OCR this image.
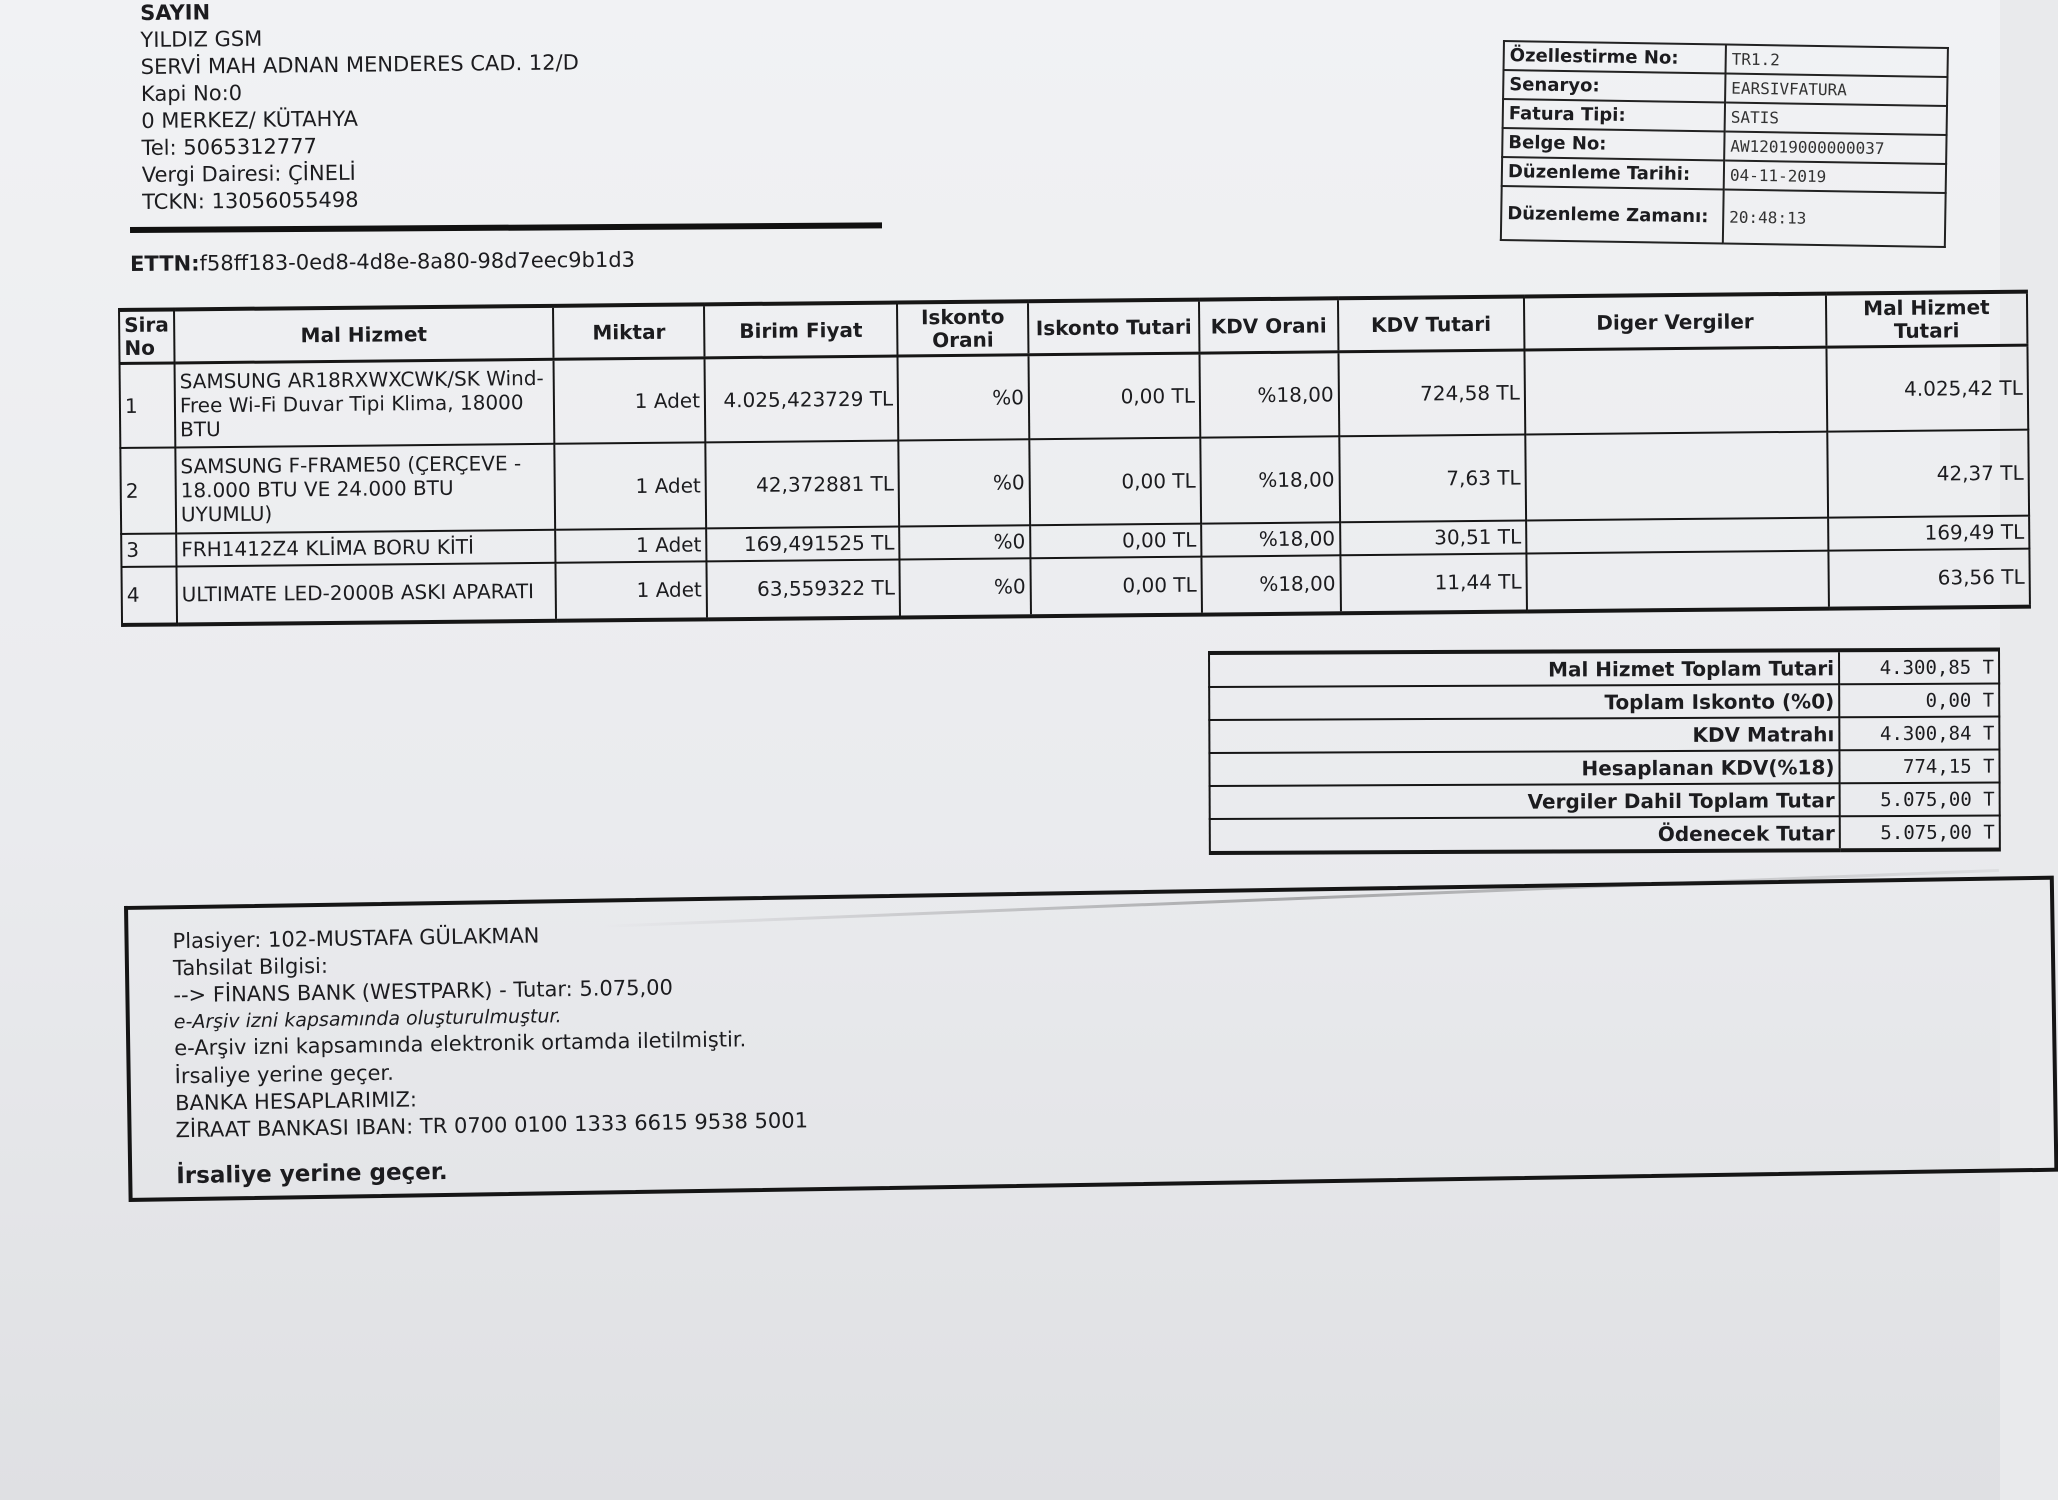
SAYIN
YILDIZ GSM
SERVİ MAH ADNAN MENDERES CAD. 12/D
Kapi No:0
0 MERKEZ/ KÜTAHYA
Tel: 5065312777
Vergi Dairesi: ÇİNELİ
TCKN: 13056055498
ETTN:f58ff183-0ed8-4d8e-8a80-98d7eec9b1d3
Özellestirme No:	TR1.2
Senaryo:	EARSIVFATURA
Fatura Tipi:	SATIS
Belge No:	AW12019000000037
Düzenleme Tarihi:	04-11-2019
Düzenleme Zamanı:	20:48:13
Sira No	Mal Hizmet	Miktar	Birim Fiyat	Iskonto Orani	Iskonto Tutari	KDV Orani	KDV Tutari	Diger Vergiler	Mal Hizmet Tutari
1	SAMSUNG AR18RXWXCWK/SK Wind-Free Wi-Fi Duvar Tipi Klima, 18000 BTU	1 Adet	4.025,423729 TL	%0	0,00 TL	%18,00	724,58 TL		4.025,42 TL
2	SAMSUNG F-FRAME50 (ÇERÇEVE - 18.000 BTU VE 24.000 BTU UYUMLU)	1 Adet	42,372881 TL	%0	0,00 TL	%18,00	7,63 TL		42,37 TL
3	FRH1412Z4 KLİMA BORU KİTİ	1 Adet	169,491525 TL	%0	0,00 TL	%18,00	30,51 TL		169,49 TL
4	ULTIMATE LED-2000B ASKI APARATI	1 Adet	63,559322 TL	%0	0,00 TL	%18,00	11,44 TL		63,56 TL
Mal Hizmet Toplam Tutari	4.300,85 T
Toplam Iskonto (%0)	0,00 T
KDV Matrahı	4.300,84 T
Hesaplanan KDV(%18)	774,15 T
Vergiler Dahil Toplam Tutar	5.075,00 T
Ödenecek Tutar	5.075,00 T
Plasiyer: 102-MUSTAFA GÜLAKMAN
Tahsilat Bilgisi:
--> FİNANS BANK (WESTPARK) - Tutar: 5.075,00
e-Arşiv izni kapsamında oluşturulmuştur.
e-Arşiv izni kapsamında elektronik ortamda iletilmiştir.
İrsaliye yerine geçer.
BANKA HESAPLARIMIZ:
ZİRAAT BANKASI IBAN: TR 0700 0100 1333 6615 9538 5001
İrsaliye yerine geçer.
